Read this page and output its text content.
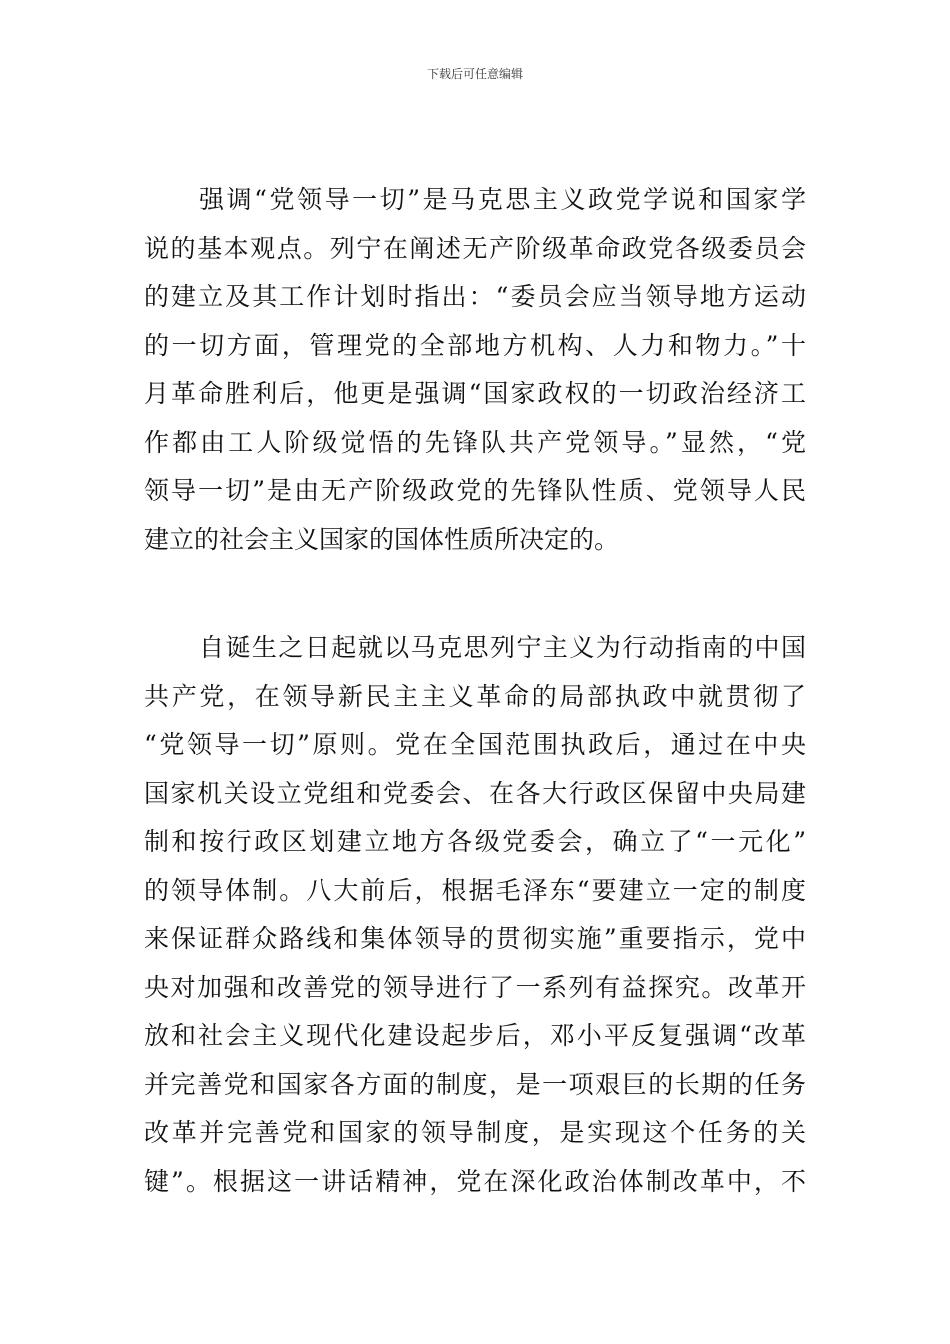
下载后可任意编辑
强调“党领导一切”是马克思主义政党学说和国家学
说的基本观点。列宁在阐述无产阶级革命政党各级委员会
的建立及其工作计划时指出：“委员会应当领导地方运动
的一切方面，管理党的全部地方机构、人力和物力。”十
月革命胜利后，他更是强调“国家政权的一切政治经济工
作都由工人阶级觉悟的先锋队共产党领导。”显然，“党
领导一切”是由无产阶级政党的先锋队性质、党领导人民
建立的社会主义国家的国体性质所决定的。
自诞生之日起就以马克思列宁主义为行动指南的中国
共产党，在领导新民主主义革命的局部执政中就贯彻了
“党领导一切”原则。党在全国范围执政后，通过在中央
国家机关设立党组和党委会、在各大行政区保留中央局建
制和按行政区划建立地方各级党委会，确立了“一元化”
的领导体制。八大前后，根据毛泽东“要建立一定的制度
来保证群众路线和集体领导的贯彻实施”重要指示，党中
央对加强和改善党的领导进行了一系列有益探究。改革开
放和社会主义现代化建设起步后，邓小平反复强调“改革
并完善党和国家各方面的制度，是一项艰巨的长期的任务
改革并完善党和国家的领导制度，是实现这个任务的关
键”。根据这一讲话精神，党在深化政治体制改革中，不
